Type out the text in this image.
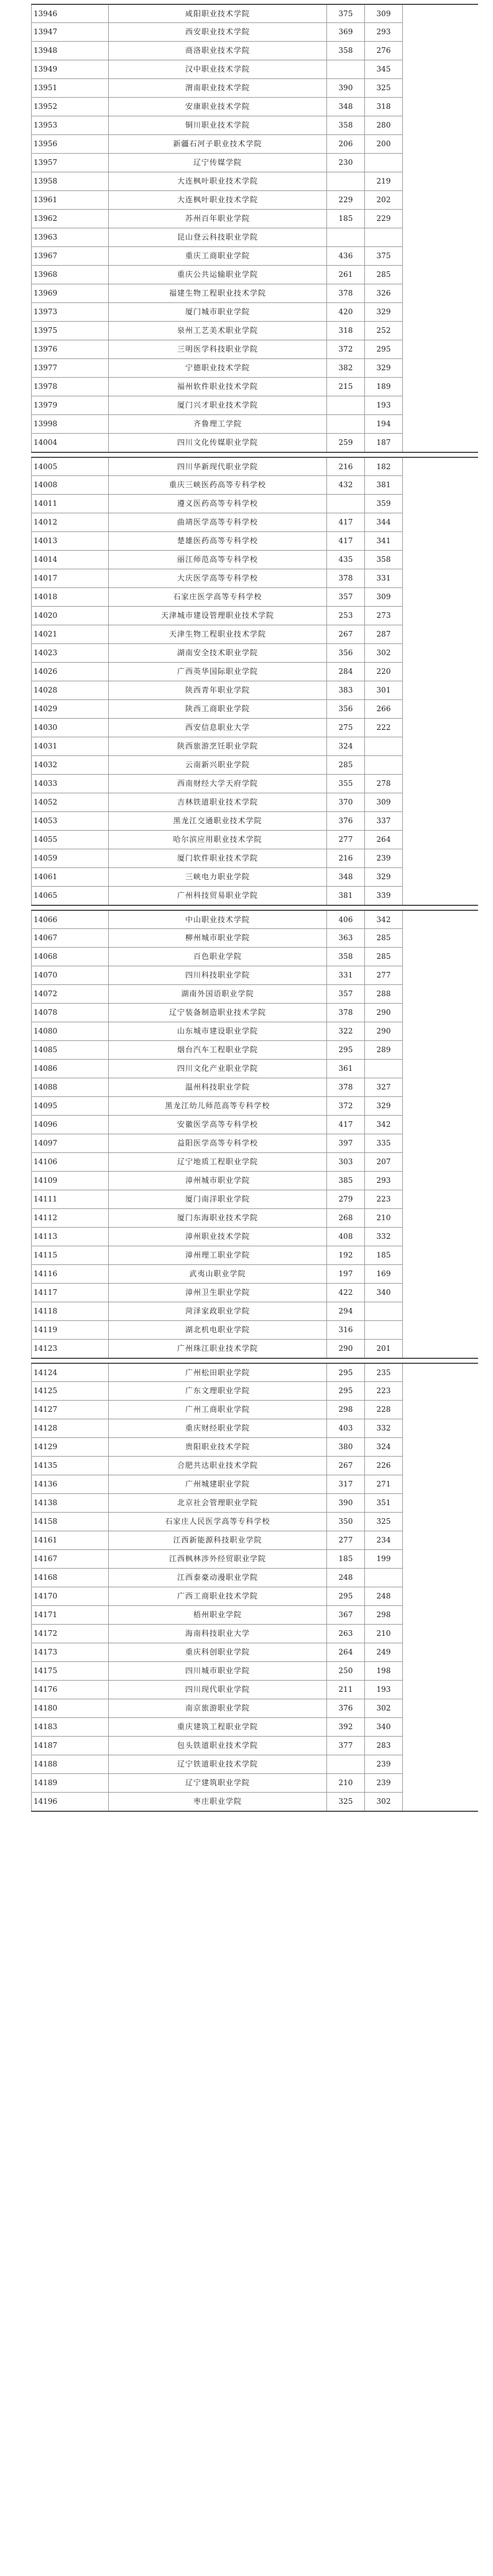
13946	咸阳职业技术学院	375	309	
13947	西安职业技术学院	369	293	
13948	商洛职业技术学院	358	276	
13949	汉中职业技术学院		345	
13951	渭南职业技术学院	390	325	
13952	安康职业技术学院	348	318	
13953	铜川职业技术学院	358	280	
13956	新疆石河子职业技术学院	206	200	
13957	辽宁传媒学院	230		
13958	大连枫叶职业技术学院		219	
13961	大连枫叶职业技术学院	229	202	
13962	苏州百年职业学院	185	229	
13963	昆山登云科技职业学院			
13967	重庆工商职业学院	436	375	
13968	重庆公共运输职业学院	261	285	
13969	福建生物工程职业技术学院	378	326	
13973	厦门城市职业学院	420	329	
13975	泉州工艺美术职业学院	318	252	
13976	三明医学科技职业学院	372	295	
13977	宁德职业技术学院	382	329	
13978	福州软件职业技术学院	215	189	
13979	厦门兴才职业技术学院		193	
13998	齐鲁理工学院		194	
14004	四川文化传媒职业学院	259	187	
14005	四川华新现代职业学院	216	182	
14008	重庆三峡医药高等专科学校	432	381	
14011	遵义医药高等专科学校		359	
14012	曲靖医学高等专科学校	417	344	
14013	楚雄医药高等专科学校	417	341	
14014	丽江师范高等专科学校	435	358	
14017	大庆医学高等专科学校	378	331	
14018	石家庄医学高等专科学校	357	309	
14020	天津城市建设管理职业技术学院	253	273	
14021	天津生物工程职业技术学院	267	287	
14023	湖南安全技术职业学院	356	302	
14026	广西英华国际职业学院	284	220	
14028	陕西青年职业学院	383	301	
14029	陕西工商职业学院	356	266	
14030	西安信息职业大学	275	222	
14031	陕西旅游烹饪职业学院	324		
14032	云南新兴职业学院	285		
14033	西南财经大学天府学院	355	278	
14052	吉林铁道职业技术学院	370	309	
14053	黑龙江交通职业技术学院	376	337	
14055	哈尔滨应用职业技术学院	277	264	
14059	厦门软件职业技术学院	216	239	
14061	三峡电力职业学院	348	329	
14065	广州科技贸易职业学院	381	339	
14066	中山职业技术学院	406	342	
14067	柳州城市职业学院	363	285	
14068	百色职业学院	358	285	
14070	四川科技职业学院	331	277	
14072	湖南外国语职业学院	357	288	
14078	辽宁装备制造职业技术学院	378	290	
14080	山东城市建设职业学院	322	290	
14085	烟台汽车工程职业学院	295	289	
14086	四川文化产业职业学院	361		
14088	温州科技职业学院	378	327	
14095	黑龙江幼儿师范高等专科学校	372	329	
14096	安徽医学高等专科学校	417	342	
14097	益阳医学高等专科学校	397	335	
14106	辽宁地质工程职业学院	303	207	
14109	漳州城市职业学院	385	293	
14111	厦门南洋职业学院	279	223	
14112	厦门东海职业技术学院	268	210	
14113	漳州职业技术学院	408	332	
14115	漳州理工职业学院	192	185	
14116	武夷山职业学院	197	169	
14117	漳州卫生职业学院	422	340	
14118	菏泽家政职业学院	294		
14119	湖北机电职业学院	316		
14123	广州珠江职业技术学院	290	201	
14124	广州松田职业学院	295	235	
14125	广东文理职业学院	295	223	
14127	广州工商职业学院	298	228	
14128	重庆财经职业学院	403	332	
14129	贵阳职业技术学院	380	324	
14135	合肥共达职业技术学院	267	226	
14136	广州城建职业学院	317	271	
14138	北京社会管理职业学院	390	351	
14158	石家庄人民医学高等专科学校	350	325	
14161	江西新能源科技职业学院	277	234	
14167	江西枫林涉外经贸职业学院	185	199	
14168	江西泰豪动漫职业学院	248		
14170	广西工商职业技术学院	295	248	
14171	梧州职业学院	367	298	
14172	海南科技职业大学	263	210	
14173	重庆科创职业学院	264	249	
14175	四川城市职业学院	250	198	
14176	四川现代职业学院	211	193	
14180	南京旅游职业学院	376	302	
14183	重庆建筑工程职业学院	392	340	
14187	包头铁道职业技术学院	377	283	
14188	辽宁铁道职业技术学院		239	
14189	辽宁建筑职业学院	210	239	
14196	枣庄职业学院	325	302	
